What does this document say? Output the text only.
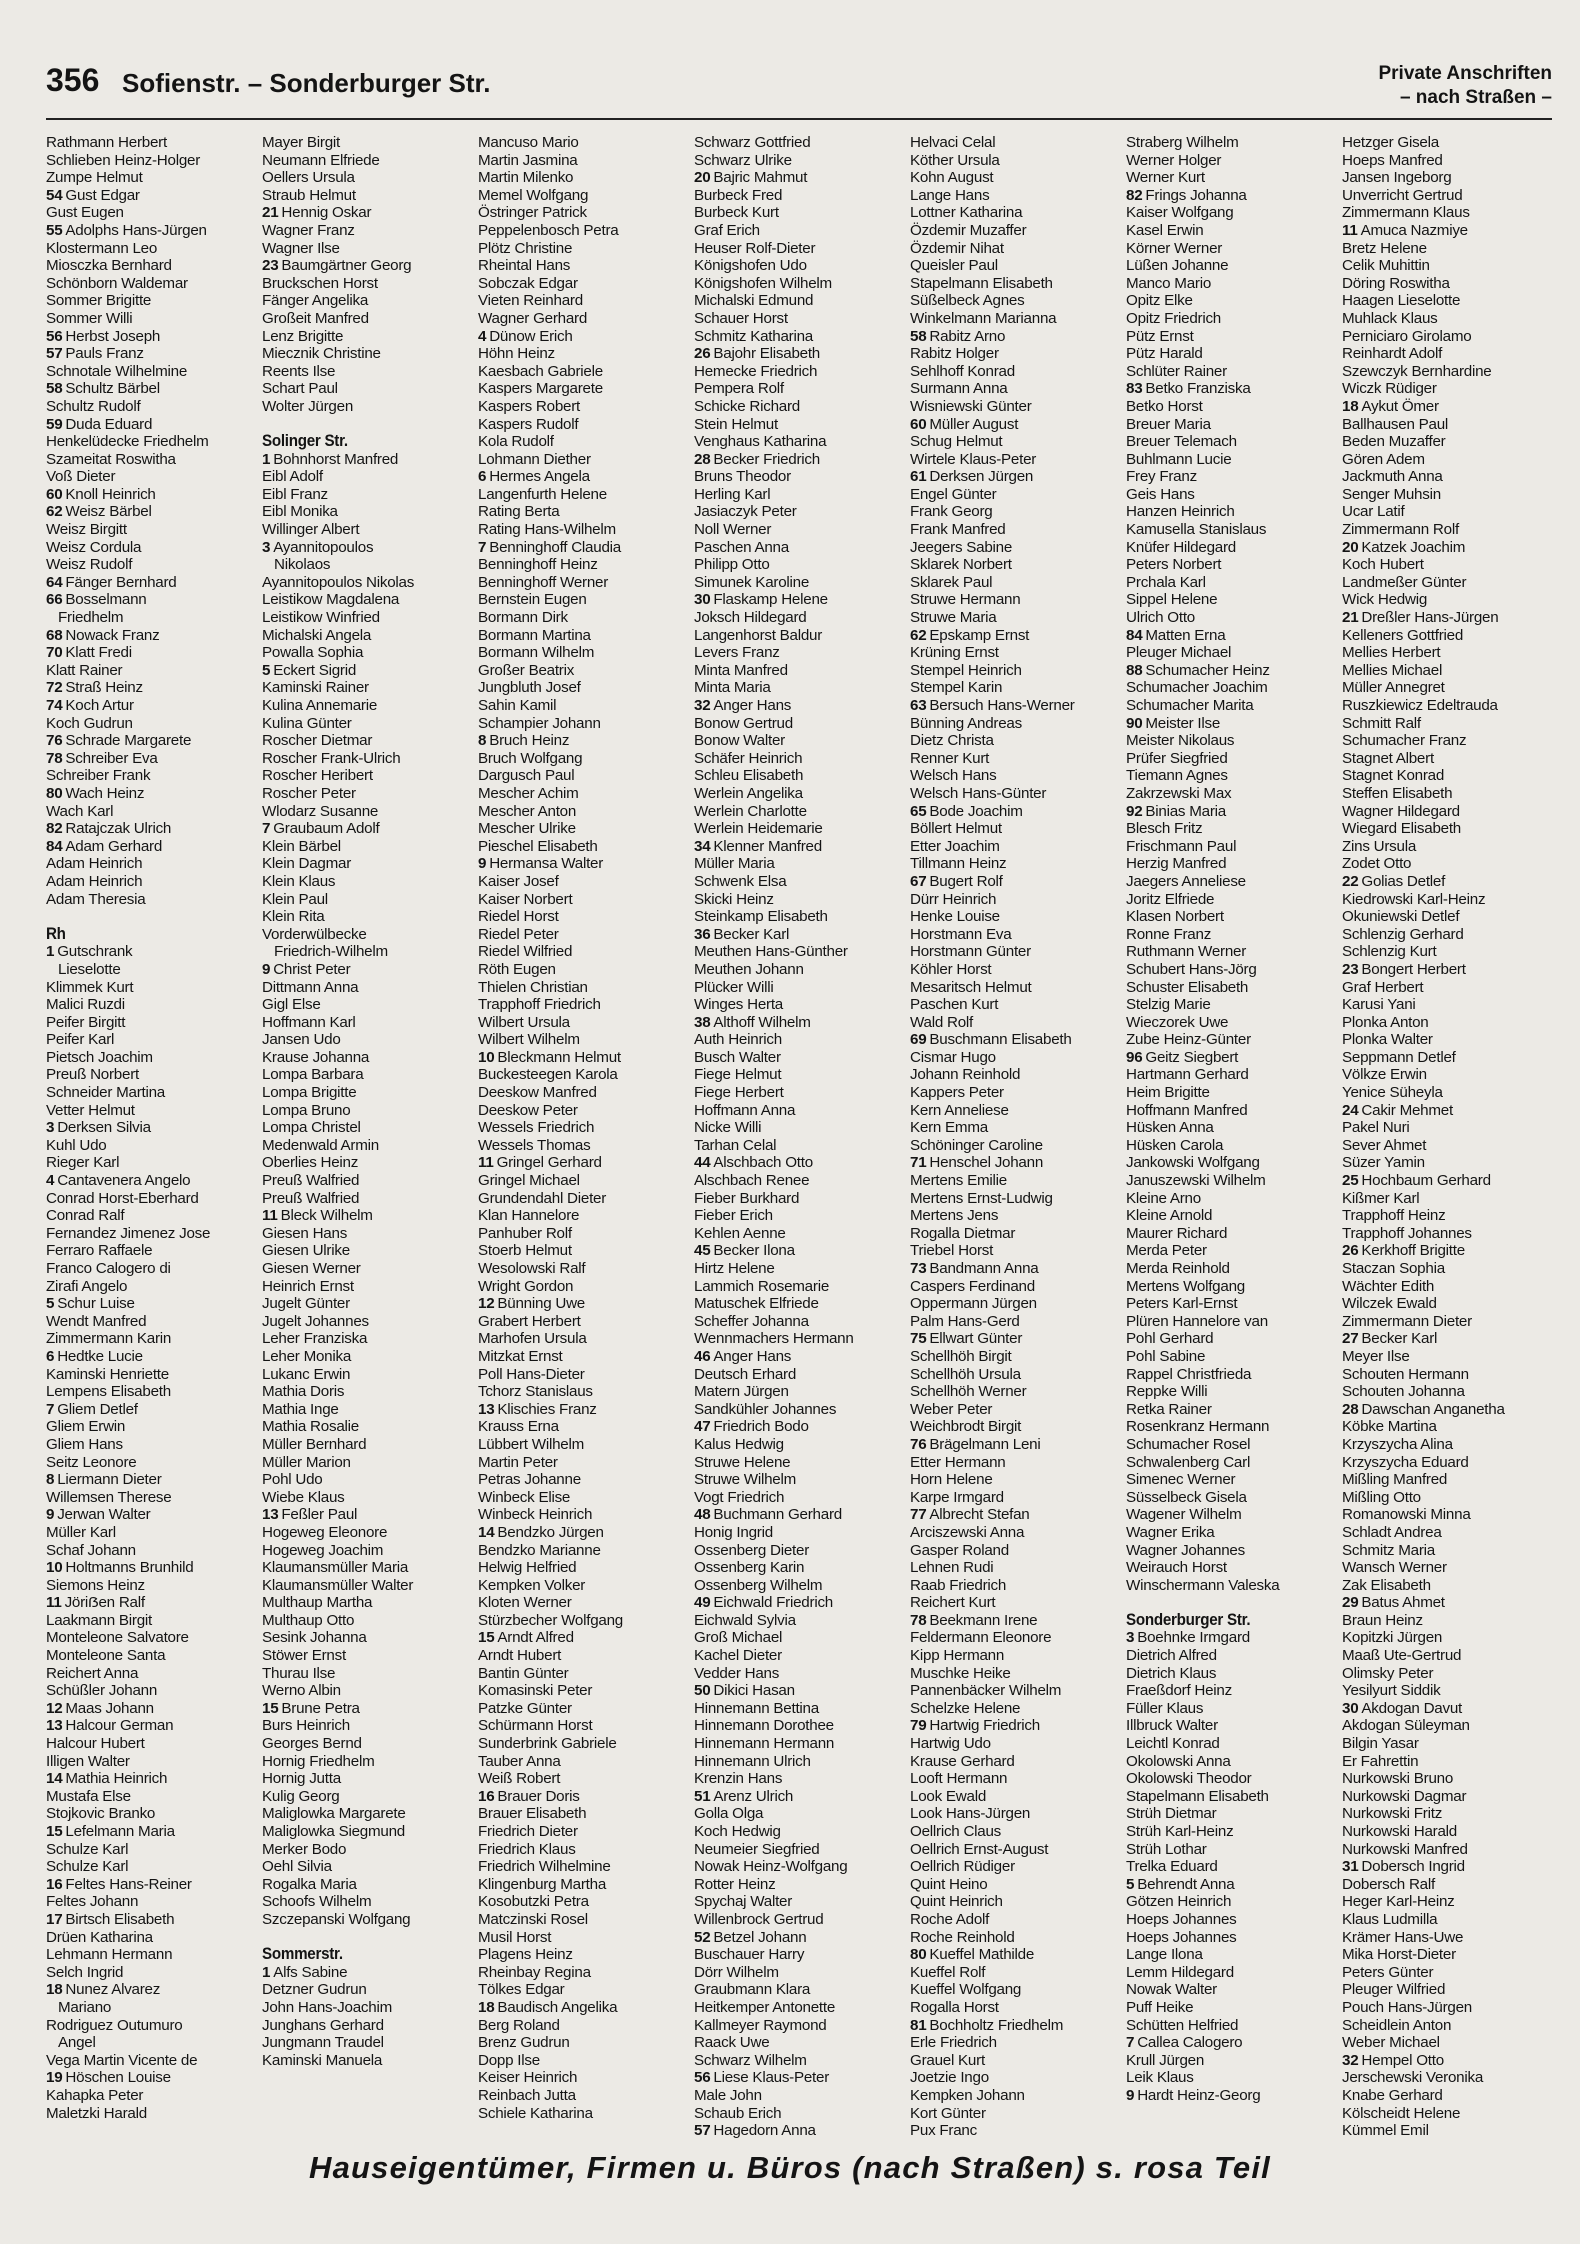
356 Sofienstr. – Sonderburger Str.	Private Anschriften
– nach Straßen –
Rathmann Herbert
Schlieben Heinz-Holger
Zumpe Helmut
54 Gust Edgar
Gust Eugen
55 Adolphs Hans-Jürgen
Klostermann Leo
Miosczka Bernhard
Schönborn Waldemar
Sommer Brigitte
Sommer Willi
56 Herbst Joseph
57 Pauls Franz
Schnotale Wilhelmine
58 Schultz Bärbel
Schultz Rudolf
59 Duda Eduard
Henkelüdecke Friedhelm
Szameitat Roswitha
Voß Dieter
60 Knoll Heinrich
62 Weisz Bärbel
Weisz Birgitt
Weisz Cordula
Weisz Rudolf
64 Fänger Bernhard
66 Bosselmann
Friedhelm
68 Nowack Franz
70 Klatt Fredi
Klatt Rainer
72 Straß Heinz
74 Koch Artur
Koch Gudrun
76 Schrade Margarete
78 Schreiber Eva
Schreiber Frank
80 Wach Heinz
Wach Karl
82 Ratajczak Ulrich
84 Adam Gerhard
Adam Heinrich
Adam Heinrich
Adam Theresia
Rh
1 Gutschrank
Lieselotte
Klimmek Kurt
Malici Ruzdi
Peifer Birgitt
Peifer Karl
Pietsch Joachim
Preuß Norbert
Schneider Martina
Vetter Helmut
3 Derksen Silvia
Kuhl Udo
Rieger Karl
4 Cantavenera Angelo
Conrad Horst-Eberhard
Conrad Ralf
Fernandez Jimenez Jose
Ferraro Raffaele
Franco Calogero di
Zirafi Angelo
5 Schur Luise
Wendt Manfred
Zimmermann Karin
6 Hedtke Lucie
Kaminski Henriette
Lempens Elisabeth
7 Gliem Detlef
Gliem Erwin
Gliem Hans
Seitz Leonore
8 Liermann Dieter
Willemsen Therese
9 Jerwan Walter
Müller Karl
Schaf Johann
10 Holtmanns Brunhild
Siemons Heinz
11 Jöriẞen Ralf
Laakmann Birgit
Monteleone Salvatore
Monteleone Santa
Reichert Anna
Schüßler Johann
12 Maas Johann
13 Halcour German
Halcour Hubert
Illigen Walter
14 Mathia Heinrich
Mustafa Else
Stojkovic Branko
15 Lefelmann Maria
Schulze Karl
Schulze Karl
16 Feltes Hans-Reiner
Feltes Johann
17 Birtsch Elisabeth
Drüen Katharina
Lehmann Hermann
Selch Ingrid
18 Nunez Alvarez
Mariano
Rodriguez Outumuro
Angel
Vega Martin Vicente de
19 Höschen Louise
Kahapka Peter
Maletzki Harald
Mayer Birgit
Neumann Elfriede
Oellers Ursula
Straub Helmut
21 Hennig Oskar
Wagner Franz
Wagner Ilse
23 Baumgärtner Georg
Bruckschen Horst
Fänger Angelika
Großeit Manfred
Lenz Brigitte
Miecznik Christine
Reents Ilse
Schart Paul
Wolter Jürgen
Solinger Str.
1 Bohnhorst Manfred
Eibl Adolf
Eibl Franz
Eibl Monika
Willinger Albert
3 Ayannitopoulos
Nikolaos
Ayannitopoulos Nikolas
Leistikow Magdalena
Leistikow Winfried
Michalski Angela
Powalla Sophia
5 Eckert Sigrid
Kaminski Rainer
Kulina Annemarie
Kulina Günter
Roscher Dietmar
Roscher Frank-Ulrich
Roscher Heribert
Roscher Peter
Wlodarz Susanne
7 Graubaum Adolf
Klein Bärbel
Klein Dagmar
Klein Klaus
Klein Paul
Klein Rita
Vorderwülbecke
Friedrich-Wilhelm
9 Christ Peter
Dittmann Anna
Gigl Else
Hoffmann Karl
Jansen Udo
Krause Johanna
Lompa Barbara
Lompa Brigitte
Lompa Bruno
Lompa Christel
Medenwald Armin
Oberlies Heinz
Preuß Walfried
Preuß Walfried
11 Bleck Wilhelm
Giesen Hans
Giesen Ulrike
Giesen Werner
Heinrich Ernst
Jugelt Günter
Jugelt Johannes
Leher Franziska
Leher Monika
Lukanc Erwin
Mathia Doris
Mathia Inge
Mathia Rosalie
Müller Bernhard
Müller Marion
Pohl Udo
Wiebe Klaus
13 Feßler Paul
Hogeweg Eleonore
Hogeweg Joachim
Klaumansmüller Maria
Klaumansmüller Walter
Multhaup Martha
Multhaup Otto
Sesink Johanna
Stöwer Ernst
Thurau Ilse
Werno Albin
15 Brune Petra
Burs Heinrich
Georges Bernd
Hornig Friedhelm
Hornig Jutta
Kulig Georg
Maliglowka Margarete
Maliglowka Siegmund
Merker Bodo
Oehl Silvia
Rogalka Maria
Schoofs Wilhelm
Szczepanski Wolfgang
Sommerstr.
1 Alfs Sabine
Detzner Gudrun
John Hans-Joachim
Junghans Gerhard
Jungmann Traudel
Kaminski Manuela
Mancuso Mario
Martin Jasmina
Martin Milenko
Memel Wolfgang
Östringer Patrick
Peppelenbosch Petra
Plötz Christine
Rheintal Hans
Sobczak Edgar
Vieten Reinhard
Wagner Gerhard
4 Dünow Erich
Höhn Heinz
Kaesbach Gabriele
Kaspers Margarete
Kaspers Robert
Kaspers Rudolf
Kola Rudolf
Lohmann Diether
6 Hermes Angela
Langenfurth Helene
Rating Berta
Rating Hans-Wilhelm
7 Benninghoff Claudia
Benninghoff Heinz
Benninghoff Werner
Bernstein Eugen
Bormann Dirk
Bormann Martina
Bormann Wilhelm
Großer Beatrix
Jungbluth Josef
Sahin Kamil
Schampier Johann
8 Bruch Heinz
Bruch Wolfgang
Dargusch Paul
Mescher Achim
Mescher Anton
Mescher Ulrike
Pieschel Elisabeth
9 Hermansa Walter
Kaiser Josef
Kaiser Norbert
Riedel Horst
Riedel Peter
Riedel Wilfried
Röth Eugen
Thielen Christian
Trapphoff Friedrich
Wilbert Ursula
Wilbert Wilhelm
10 Bleckmann Helmut
Buckesteegen Karola
Deeskow Manfred
Deeskow Peter
Wessels Friedrich
Wessels Thomas
11 Gringel Gerhard
Gringel Michael
Grundendahl Dieter
Klan Hannelore
Panhuber Rolf
Stoerb Helmut
Wesolowski Ralf
Wright Gordon
12 Bünning Uwe
Grabert Herbert
Marhofen Ursula
Mitzkat Ernst
Poll Hans-Dieter
Tchorz Stanislaus
13 Klischies Franz
Krauss Erna
Lübbert Wilhelm
Martin Peter
Petras Johanne
Winbeck Elise
Winbeck Heinrich
14 Bendzko Jürgen
Bendzko Marianne
Helwig Helfried
Kempken Volker
Kloten Werner
Stürzbecher Wolfgang
15 Arndt Alfred
Arndt Hubert
Bantin Günter
Komasinski Peter
Patzke Günter
Schürmann Horst
Sunderbrink Gabriele
Tauber Anna
Weiß Robert
16 Brauer Doris
Brauer Elisabeth
Friedrich Dieter
Friedrich Klaus
Friedrich Wilhelmine
Klingenburg Martha
Kosobutzki Petra
Matczinski Rosel
Musil Horst
Plagens Heinz
Rheinbay Regina
Tölkes Edgar
18 Baudisch Angelika
Berg Roland
Brenz Gudrun
Dopp Ilse
Keiser Heinrich
Reinbach Jutta
Schiele Katharina
Schwarz Gottfried
Schwarz Ulrike
20 Bajric Mahmut
Burbeck Fred
Burbeck Kurt
Graf Erich
Heuser Rolf-Dieter
Königshofen Udo
Königshofen Wilhelm
Michalski Edmund
Schauer Horst
Schmitz Katharina
26 Bajohr Elisabeth
Hemecke Friedrich
Pempera Rolf
Schicke Richard
Stein Helmut
Venghaus Katharina
28 Becker Friedrich
Bruns Theodor
Herling Karl
Jasiaczyk Peter
Noll Werner
Paschen Anna
Philipp Otto
Simunek Karoline
30 Flaskamp Helene
Joksch Hildegard
Langenhorst Baldur
Levers Franz
Minta Manfred
Minta Maria
32 Anger Hans
Bonow Gertrud
Bonow Walter
Schäfer Heinrich
Schleu Elisabeth
Werlein Angelika
Werlein Charlotte
Werlein Heidemarie
34 Klenner Manfred
Müller Maria
Schwenk Elsa
Skicki Heinz
Steinkamp Elisabeth
36 Becker Karl
Meuthen Hans-Günther
Meuthen Johann
Plücker Willi
Winges Herta
38 Althoff Wilhelm
Auth Heinrich
Busch Walter
Fiege Helmut
Fiege Herbert
Hoffmann Anna
Nicke Willi
Tarhan Celal
44 Alschbach Otto
Alschbach Renee
Fieber Burkhard
Fieber Erich
Kehlen Aenne
45 Becker Ilona
Hirtz Helene
Lammich Rosemarie
Matuschek Elfriede
Scheffer Johanna
Wennmachers Hermann
46 Anger Hans
Deutsch Erhard
Matern Jürgen
Sandkühler Johannes
47 Friedrich Bodo
Kalus Hedwig
Struwe Helene
Struwe Wilhelm
Vogt Friedrich
48 Buchmann Gerhard
Honig Ingrid
Ossenberg Dieter
Ossenberg Karin
Ossenberg Wilhelm
49 Eichwald Friedrich
Eichwald Sylvia
Groß Michael
Kachel Dieter
Vedder Hans
50 Dikici Hasan
Hinnemann Bettina
Hinnemann Dorothee
Hinnemann Hermann
Hinnemann Ulrich
Krenzin Hans
51 Arenz Ulrich
Golla Olga
Koch Hedwig
Neumeier Siegfried
Nowak Heinz-Wolfgang
Rotter Heinz
Spychaj Walter
Willenbrock Gertrud
52 Betzel Johann
Buschauer Harry
Dörr Wilhelm
Graubmann Klara
Heitkemper Antonette
Kallmeyer Raymond
Raack Uwe
Schwarz Wilhelm
56 Liese Klaus-Peter
Male John
Schaub Erich
57 Hagedorn Anna
Helvaci Celal
Köther Ursula
Kohn August
Lange Hans
Lottner Katharina
Özdemir Muzaffer
Özdemir Nihat
Queisler Paul
Stapelmann Elisabeth
Süßelbeck Agnes
Winkelmann Marianna
58 Rabitz Arno
Rabitz Holger
Sehlhoff Konrad
Surmann Anna
Wisniewski Günter
60 Müller August
Schug Helmut
Wirtele Klaus-Peter
61 Derksen Jürgen
Engel Günter
Frank Georg
Frank Manfred
Jeegers Sabine
Sklarek Norbert
Sklarek Paul
Struwe Hermann
Struwe Maria
62 Epskamp Ernst
Krüning Ernst
Stempel Heinrich
Stempel Karin
63 Bersuch Hans-Werner
Bünning Andreas
Dietz Christa
Renner Kurt
Welsch Hans
Welsch Hans-Günter
65 Bode Joachim
Böllert Helmut
Etter Joachim
Tillmann Heinz
67 Bugert Rolf
Dürr Heinrich
Henke Louise
Horstmann Eva
Horstmann Günter
Köhler Horst
Mesaritsch Helmut
Paschen Kurt
Wald Rolf
69 Buschmann Elisabeth
Cismar Hugo
Johann Reinhold
Kappers Peter
Kern Anneliese
Kern Emma
Schöninger Caroline
71 Henschel Johann
Mertens Emilie
Mertens Ernst-Ludwig
Mertens Jens
Rogalla Dietmar
Triebel Horst
73 Bandmann Anna
Caspers Ferdinand
Oppermann Jürgen
Palm Hans-Gerd
75 Ellwart Günter
Schellhöh Birgit
Schellhöh Ursula
Schellhöh Werner
Weber Peter
Weichbrodt Birgit
76 Brägelmann Leni
Etter Hermann
Horn Helene
Karpe Irmgard
77 Albrecht Stefan
Arciszewski Anna
Gasper Roland
Lehnen Rudi
Raab Friedrich
Reichert Kurt
78 Beekmann Irene
Feldermann Eleonore
Kipp Hermann
Muschke Heike
Pannenbäcker Wilhelm
Schelzke Helene
79 Hartwig Friedrich
Hartwig Udo
Krause Gerhard
Looft Hermann
Look Ewald
Look Hans-Jürgen
Oellrich Claus
Oellrich Ernst-August
Oellrich Rüdiger
Quint Heino
Quint Heinrich
Roche Adolf
Roche Reinhold
80 Kueffel Mathilde
Kueffel Rolf
Kueffel Wolfgang
Rogalla Horst
81 Bochholtz Friedhelm
Erle Friedrich
Grauel Kurt
Joetzie Ingo
Kempken Johann
Kort Günter
Pux Franc
Straberg Wilhelm
Werner Holger
Werner Kurt
82 Frings Johanna
Kaiser Wolfgang
Kasel Erwin
Körner Werner
Lüßen Johanne
Manco Mario
Opitz Elke
Opitz Friedrich
Pütz Ernst
Pütz Harald
Schlüter Rainer
83 Betko Franziska
Betko Horst
Breuer Maria
Breuer Telemach
Buhlmann Lucie
Frey Franz
Geis Hans
Hanzen Heinrich
Kamusella Stanislaus
Knüfer Hildegard
Peters Norbert
Prchala Karl
Sippel Helene
Ulrich Otto
84 Matten Erna
Pleuger Michael
88 Schumacher Heinz
Schumacher Joachim
Schumacher Marita
90 Meister Ilse
Meister Nikolaus
Prüfer Siegfried
Tiemann Agnes
Zakrzewski Max
92 Binias Maria
Blesch Fritz
Frischmann Paul
Herzig Manfred
Jaegers Anneliese
Joritz Elfriede
Klasen Norbert
Ronne Franz
Ruthmann Werner
Schubert Hans-Jörg
Schuster Elisabeth
Stelzig Marie
Wieczorek Uwe
Zube Heinz-Günter
96 Geitz Siegbert
Hartmann Gerhard
Heim Brigitte
Hoffmann Manfred
Hüsken Anna
Hüsken Carola
Jankowski Wolfgang
Januszewski Wilhelm
Kleine Arno
Kleine Arnold
Maurer Richard
Merda Peter
Merda Reinhold
Mertens Wolfgang
Peters Karl-Ernst
Plüren Hannelore van
Pohl Gerhard
Pohl Sabine
Rappel Christfrieda
Reppke Willi
Retka Rainer
Rosenkranz Hermann
Schumacher Rosel
Schwalenberg Carl
Simenec Werner
Süsselbeck Gisela
Wagener Wilhelm
Wagner Erika
Wagner Johannes
Weirauch Horst
Winschermann Valeska
Sonderburger Str.
3 Boehnke Irmgard
Dietrich Alfred
Dietrich Klaus
Fraeßdorf Heinz
Füller Klaus
Illbruck Walter
Leichtl Konrad
Okolowski Anna
Okolowski Theodor
Stapelmann Elisabeth
Strüh Dietmar
Strüh Karl-Heinz
Strüh Lothar
Trelka Eduard
5 Behrendt Anna
Götzen Heinrich
Hoeps Johannes
Hoeps Johannes
Lange Ilona
Lemm Hildegard
Nowak Walter
Puff Heike
Schütten Helfried
7 Callea Calogero
Krull Jürgen
Leik Klaus
9 Hardt Heinz-Georg
Hetzger Gisela
Hoeps Manfred
Jansen Ingeborg
Unverricht Gertrud
Zimmermann Klaus
11 Amuca Nazmiye
Bretz Helene
Celik Muhittin
Döring Roswitha
Haagen Lieselotte
Muhlack Klaus
Perniciaro Girolamo
Reinhardt Adolf
Szewczyk Bernhardine
Wiczk Rüdiger
18 Aykut Ömer
Ballhausen Paul
Beden Muzaffer
Gören Adem
Jackmuth Anna
Senger Muhsin
Ucar Latif
Zimmermann Rolf
20 Katzek Joachim
Koch Hubert
Landmeßer Günter
Wick Hedwig
21 Dreßler Hans-Jürgen
Kelleners Gottfried
Mellies Herbert
Mellies Michael
Müller Annegret
Ruszkiewicz Edeltrauda
Schmitt Ralf
Schumacher Franz
Stagnet Albert
Stagnet Konrad
Steffen Elisabeth
Wagner Hildegard
Wiegard Elisabeth
Zins Ursula
Zodet Otto
22 Golias Detlef
Kiedrowski Karl-Heinz
Okuniewski Detlef
Schlenzig Gerhard
Schlenzig Kurt
23 Bongert Herbert
Graf Herbert
Karusi Yani
Plonka Anton
Plonka Walter
Seppmann Detlef
Völkze Erwin
Yenice Süheyla
24 Cakir Mehmet
Pakel Nuri
Sever Ahmet
Süzer Yamin
25 Hochbaum Gerhard
Kißmer Karl
Trapphoff Heinz
Trapphoff Johannes
26 Kerkhoff Brigitte
Staczan Sophia
Wächter Edith
Wilczek Ewald
Zimmermann Dieter
27 Becker Karl
Meyer Ilse
Schouten Hermann
Schouten Johanna
28 Dawschan Anganetha
Köbke Martina
Krzyszycha Alina
Krzyszycha Eduard
Mißling Manfred
Mißling Otto
Romanowski Minna
Schladt Andrea
Schmitz Maria
Wansch Werner
Zak Elisabeth
29 Batus Ahmet
Braun Heinz
Kopitzki Jürgen
Maaß Ute-Gertrud
Olimsky Peter
Yesilyurt Siddik
30 Akdogan Davut
Akdogan Süleyman
Bilgin Yasar
Er Fahrettin
Nurkowski Bruno
Nurkowski Dagmar
Nurkowski Fritz
Nurkowski Harald
Nurkowski Manfred
31 Dobersch Ingrid
Dobersch Ralf
Heger Karl-Heinz
Klaus Ludmilla
Krämer Hans-Uwe
Mika Horst-Dieter
Peters Günter
Pleuger Wilfried
Pouch Hans-Jürgen
Scheidlein Anton
Weber Michael
32 Hempel Otto
Jerschewski Veronika
Knabe Gerhard
Kölscheidt Helene
Kümmel Emil
Hauseigentümer, Firmen u. Büros (nach Straßen) s. rosa Teil
